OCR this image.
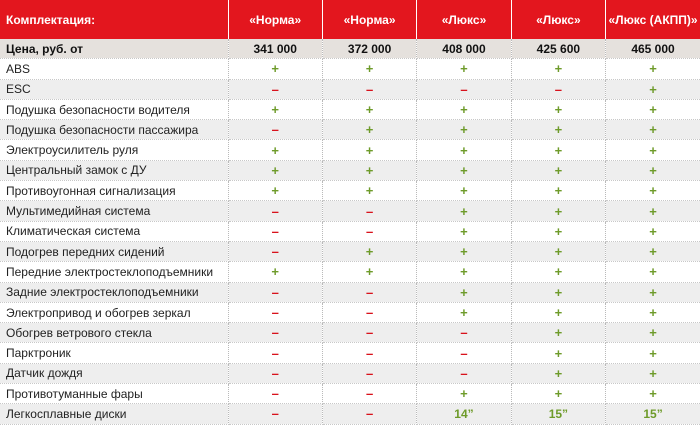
Комплектация:	«Норма»	«Норма»	«Люкс»	«Люкс»	«Люкс (АКПП)»
Цена, руб. от	341 000	372 000	408 000	425 600	465 000
ABS	+	+	+	+	+
ESC	–	–	–	–	+
Подушка безопасности водителя	+	+	+	+	+
Подушка безопасности пассажира	–	+	+	+	+
Электроусилитель руля	+	+	+	+	+
Центральный замок с ДУ	+	+	+	+	+
Противоугонная сигнализация	+	+	+	+	+
Мультимедийная система	–	–	+	+	+
Климатическая система	–	–	+	+	+
Подогрев передних сидений	–	+	+	+	+
Передние электростеклоподъемники	+	+	+	+	+
Задние электростеклоподъемники	–	–	+	+	+
Электропривод и обогрев зеркал	–	–	+	+	+
Обогрев ветрового стекла	–	–	–	+	+
Парктроник	–	–	–	+	+
Датчик дождя	–	–	–	+	+
Противотуманные фары	–	–	+	+	+
Легкосплавные диски	–	–	14”	15”	15”
